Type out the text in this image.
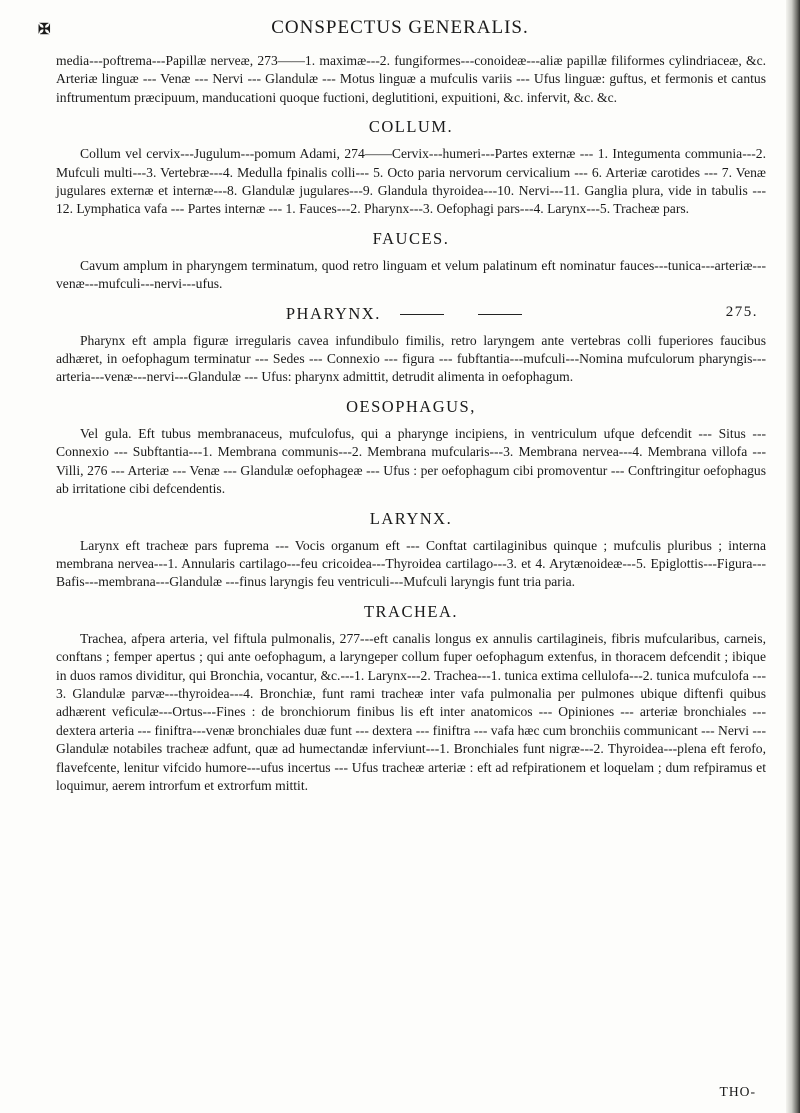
✠	CONSPECTUS GENERALIS.

media---poftrema---Papillæ nerveæ, 273——1. maximæ---2. fungiformes---conoideæ---aliæ papillæ filiformes cylindriaceæ, &c. Arteriæ linguæ --- Venæ --- Nervi --- Glandulæ --- Motus linguæ a mufculis variis --- Ufus linguæ: guftus, et fermonis et cantus inftrumentum præcipuum, manducationi quoque fuctioni, deglutitioni, expuitioni, &c. infervit, &c. &c.

COLLUM.

Collum vel cervix---Jugulum---pomum Adami, 274——Cervix---humeri---Partes externæ --- 1. Integumenta communia---2. Mufculi multi---3. Vertebræ---4. Medulla fpinalis colli--- 5. Octo paria nervorum cervicalium --- 6. Arteriæ carotides --- 7. Venæ jugulares externæ et internæ---8. Glandulæ jugulares---9. Glandula thyroidea---10. Nervi---11. Ganglia plura, vide in tabulis --- 12. Lymphatica vafa --- Partes internæ --- 1. Fauces---2. Pharynx---3. Oefophagi pars---4. Larynx---5. Tracheæ pars.

FAUCES.

Cavum amplum in pharyngem terminatum, quod retro linguam et velum palatinum eft nominatur fauces---tunica---arteriæ---venæ---mufculi---nervi---ufus.

PHARYNX.	275.

Pharynx eft ampla figuræ irregularis cavea infundibulo fimilis, retro laryngem ante vertebras colli fuperiores faucibus adhæret, in oefophagum terminatur --- Sedes --- Connexio --- figura --- fubftantia---mufculi---Nomina mufculorum pharyngis---arteria---venæ---nervi---Glandulæ --- Ufus: pharynx admittit, detrudit alimenta in oefophagum.

OESOPHAGUS,

Vel gula. Eft tubus membranaceus, mufculofus, qui a pharynge incipiens, in ventriculum ufque defcendit --- Situs --- Connexio --- Subftantia---1. Membrana communis---2. Membrana mufcularis---3. Membrana nervea---4. Membrana villofa --- Villi, 276 --- Arteriæ --- Venæ --- Glandulæ oefophageæ --- Ufus : per oefophagum cibi promoventur --- Conftringitur oefophagus ab irritatione cibi defcendentis.

LARYNX.

Larynx eft tracheæ pars fuprema --- Vocis organum eft --- Conftat cartilaginibus quinque ; mufculis pluribus ; interna membrana nervea---1. Annularis cartilago---feu cricoidea---Thyroidea cartilago---3. et 4. Arytænoideæ---5. Epiglottis---Figura---Bafis---membrana---Glandulæ ---finus laryngis feu ventriculi---Mufculi laryngis funt tria paria.

TRACHEA.

Trachea, afpera arteria, vel fiftula pulmonalis, 277---eft canalis longus ex annulis cartilagineis, fibris mufcularibus, carneis, conftans ; femper apertus ; qui ante oefophagum, a laryngeper collum fuper oefophagum extenfus, in thoracem defcendit ; ibique in duos ramos dividitur, qui Bronchia, vocantur, &c.---1. Larynx---2. Trachea---1. tunica extima cellulofa---2. tunica mufculofa --- 3. Glandulæ parvæ---thyroidea---4. Bronchiæ, funt rami tracheæ inter vafa pulmonalia per pulmones ubique diftenfi quibus adhærent veficulæ---Ortus---Fines : de bronchiorum finibus lis eft inter anatomicos --- Opiniones --- arteriæ bronchiales --- dextera arteria --- finiftra---venæ bronchiales duæ funt --- dextera --- finiftra --- vafa hæc cum bronchiis communicant --- Nervi --- Glandulæ notabiles tracheæ adfunt, quæ ad humectandæ inferviunt---1. Bronchiales funt nigræ---2. Thyroidea---plena eft ferofo, flavefcente, lenitur vifcido humore---ufus incertus --- Ufus tracheæ arteriæ : eft ad refpirationem et loquelam ; dum refpiramus et loquimur, aerem introrfum et extrorfum mittit.

THO-
